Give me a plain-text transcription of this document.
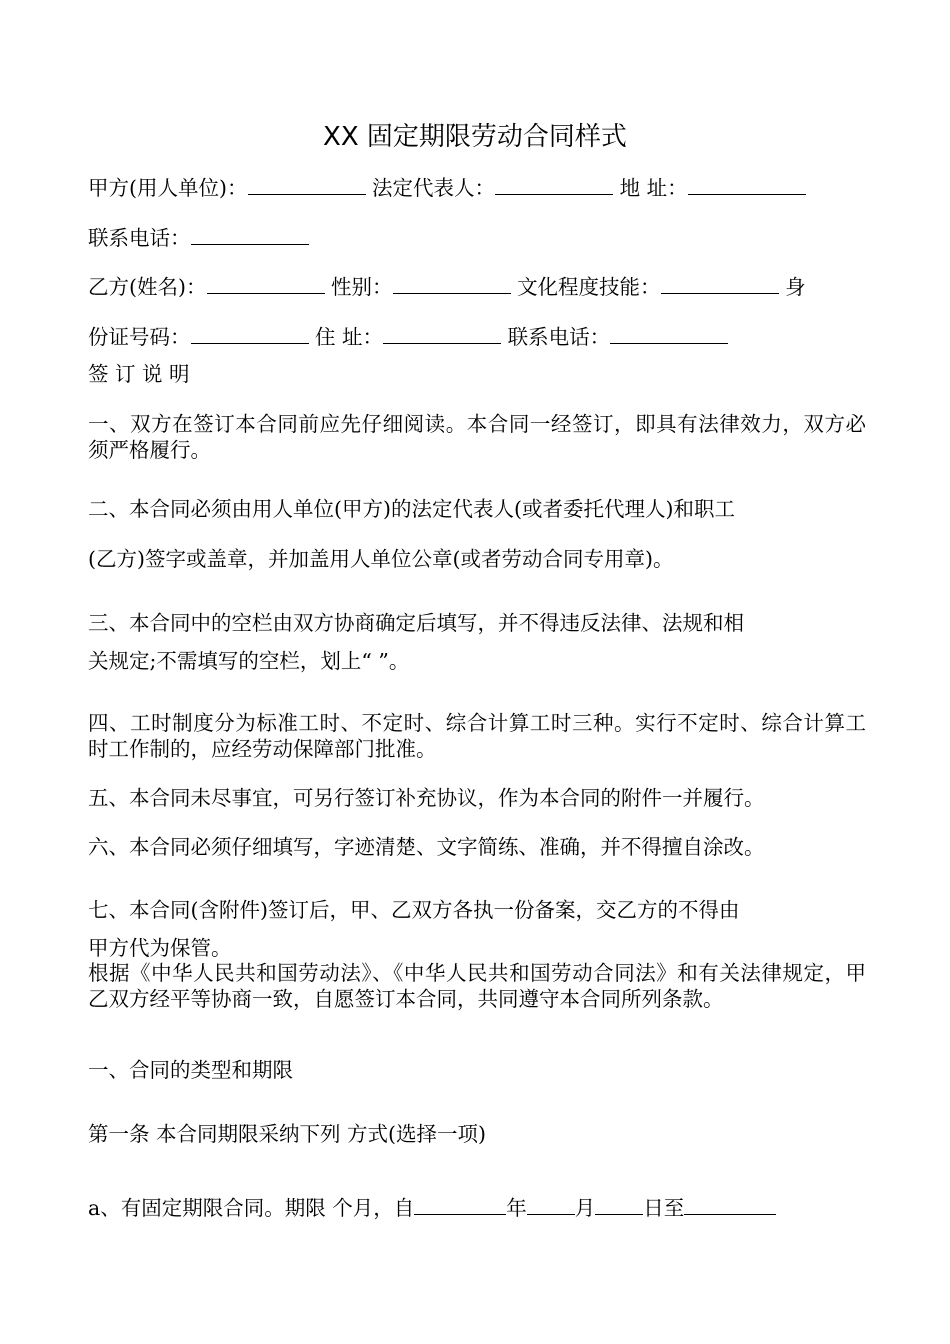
XX 固定期限劳动合同样式
甲方(用人单位)：	法定代表人：	地 址：
联系电话：
乙方(姓名)：	性别：	文化程度技能：	身
份证号码：	住 址：	联系电话：
签 订 说 明
一、双方在签订本合同前应先仔细阅读。本合同一经签订，即具有法律效力，双方必须严格履行。
二、本合同必须由用人单位(甲方)的法定代表人(或者委托代理人)和职工
(乙方)签字或盖章，并加盖用人单位公章(或者劳动合同专用章)。
三、本合同中的空栏由双方协商确定后填写，并不得违反法律、法规和相
关规定;不需填写的空栏，划上“ ”。
四、工时制度分为标准工时、不定时、综合计算工时三种。实行不定时、综合计算工时工作制的，应经劳动保障部门批准。
五、本合同未尽事宜，可另行签订补充协议，作为本合同的附件一并履行。
六、本合同必须仔细填写，字迹清楚、文字简练、准确，并不得擅自涂改。
七、本合同(含附件)签订后，甲、乙双方各执一份备案，交乙方的不得由
甲方代为保管。
根据《中华人民共和国劳动法》、《中华人民共和国劳动合同法》和有关法律规定，甲乙双方经平等协商一致，自愿签订本合同，共同遵守本合同所列条款。
一、合同的类型和期限
第一条 本合同期限采纳下列 方式(选择一项)
a、有固定期限合同。期限 个月，自	年 月 日至
